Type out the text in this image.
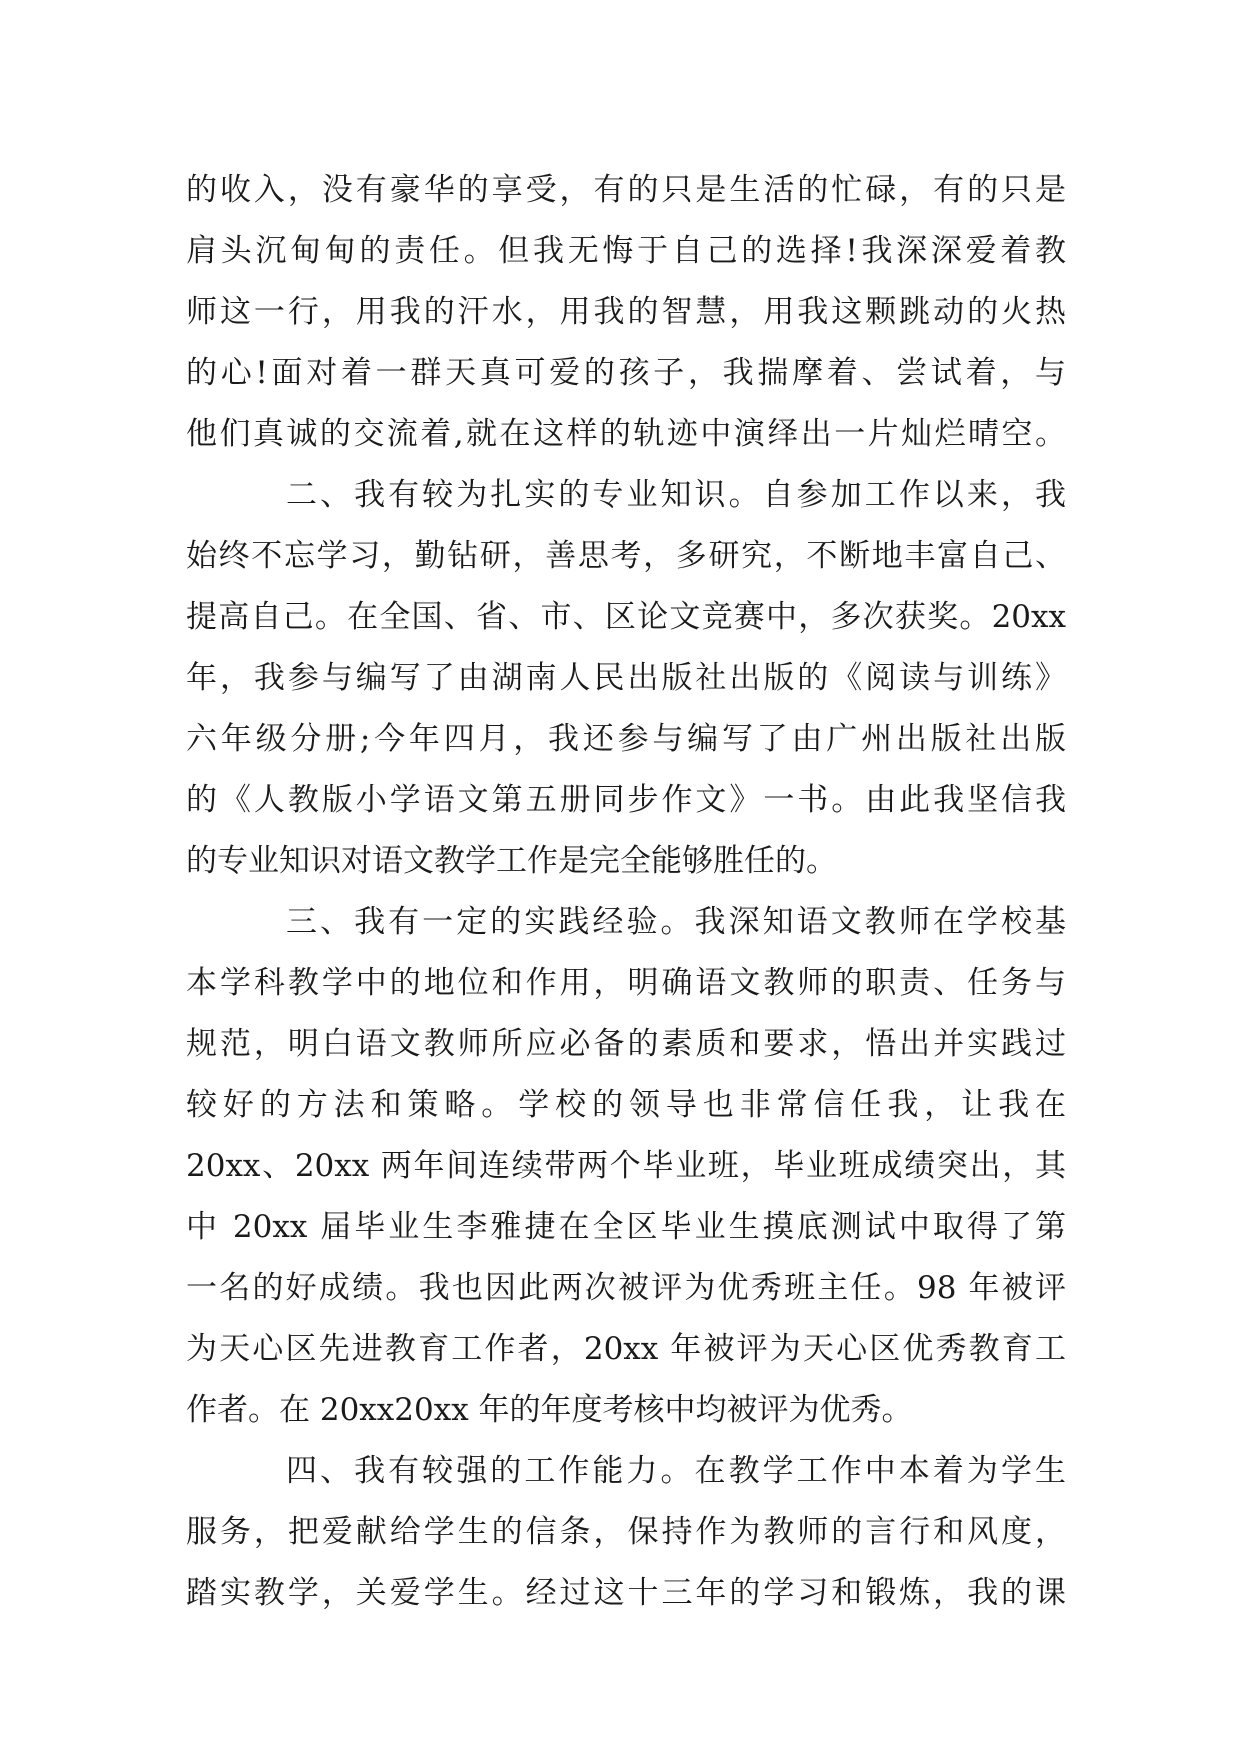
的收入，没有豪华的享受，有的只是生活的忙碌，有的只是
肩头沉甸甸的责任。但我无悔于自己的选择!我深深爱着教
师这一行，用我的汗水，用我的智慧，用我这颗跳动的火热
的心!面对着一群天真可爱的孩子，我揣摩着、尝试着，与
他们真诚的交流着,就在这样的轨迹中演绎出一片灿烂晴空。
二、我有较为扎实的专业知识。自参加工作以来，我
始终不忘学习，勤钻研，善思考，多研究，不断地丰富自己、
提高自己。在全国、省、市、区论文竞赛中，多次获奖。20xx
年，我参与编写了由湖南人民出版社出版的《阅读与训练》
六年级分册;今年四月，我还参与编写了由广州出版社出版
的《人教版小学语文第五册同步作文》一书。由此我坚信我
的专业知识对语文教学工作是完全能够胜任的。
三、我有一定的实践经验。我深知语文教师在学校基
本学科教学中的地位和作用，明确语文教师的职责、任务与
规范，明白语文教师所应必备的素质和要求，悟出并实践过
较好的方法和策略。学校的领导也非常信任我，让我在
20xx、20xx 两年间连续带两个毕业班，毕业班成绩突出，其
中 20xx 届毕业生李雅捷在全区毕业生摸底测试中取得了第
一名的好成绩。我也因此两次被评为优秀班主任。98 年被评
为天心区先进教育工作者，20xx 年被评为天心区优秀教育工
作者。在 20xx20xx 年的年度考核中均被评为优秀。
四、我有较强的工作能力。在教学工作中本着为学生
服务，把爱献给学生的信条，保持作为教师的言行和风度，
踏实教学，关爱学生。经过这十三年的学习和锻炼，我的课
